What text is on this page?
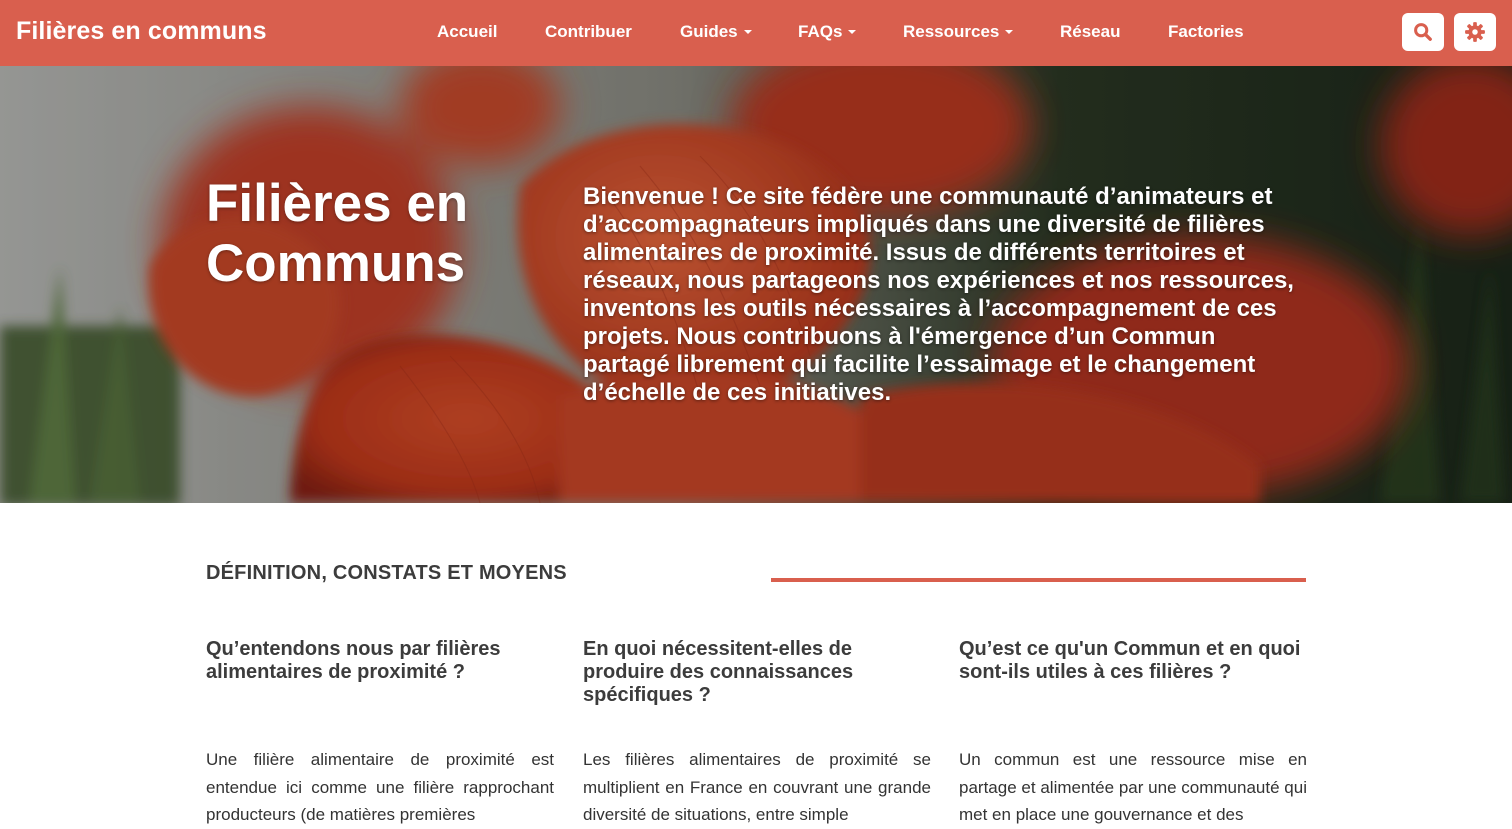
Filières en communs	Accueil	Contribuer	Guides	FAQs	Ressources	Réseau	Factories
Filières en Communs
Bienvenue ! Ce site fédère une communauté d’animateurs et d’accompagnateurs impliqués dans une diversité de filières alimentaires de proximité. Issus de différents territoires et réseaux, nous partageons nos expériences et nos ressources, inventons les outils nécessaires à l’accompagnement de ces projets. Nous contribuons à l'émergence d’un Commun partagé librement qui facilite l’essaimage et le changement d’échelle de ces initiatives.
DÉFINITION, CONSTATS ET MOYENS
Qu’entendons nous par filières alimentaires de proximité ?

Une filière alimentaire de proximité est entendue ici comme une filière rapprochant producteurs (de matières premières

En quoi nécessitent-elles de produire des connaissances spécifiques ?

Les filières alimentaires de proximité se multiplient en France en couvrant une grande diversité de situations, entre simple

Qu’est ce qu'un Commun et en quoi sont-ils utiles à ces filières ?

Un commun est une ressource mise en partage et alimentée par une communauté qui met en place une gouvernance et des
